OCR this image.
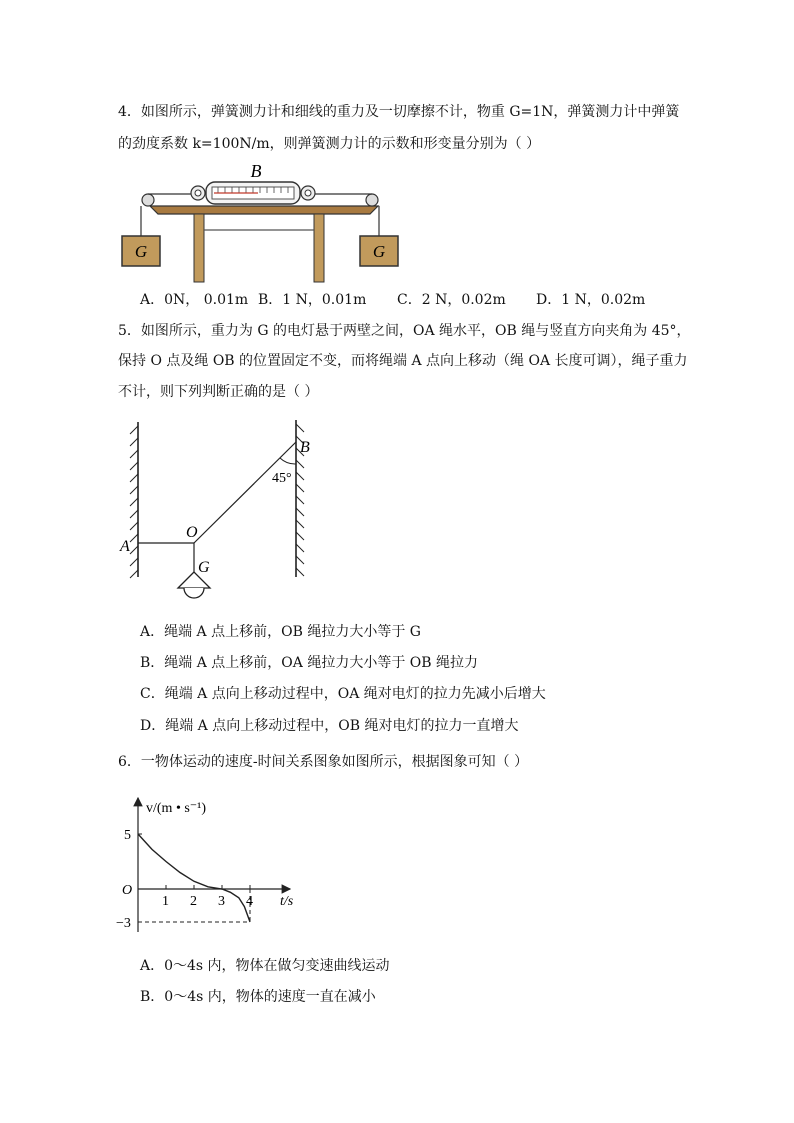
4．如图所示，弹簧测力计和细线的重力及一切摩擦不计，物重 G=1N，弹簧测力计中弹簧
的劲度系数 k=100N/m，则弹簧测力计的示数和形变量分别为（ ）
G	G
B
A．0N， 0.01m B．1 N，0.01m C．2 N，0.02m D．1 N，0.02m
5．如图所示，重力为 G 的电灯悬于两壁之间，OA 绳水平，OB 绳与竖直方向夹角为 45°，
保持 O 点及绳 OB 的位置固定不变，而将绳端 A 点向上移动（绳 OA 长度可调），绳子重力
不计，则下列判断正确的是（ ）
A
O
B
G
45°
A．绳端 A 点上移前，OB 绳拉力大小等于 G
B．绳端 A 点上移前，OA 绳拉力大小等于 OB 绳拉力
C．绳端 A 点向上移动过程中，OA 绳对电灯的拉力先减小后增大
D．绳端 A 点向上移动过程中，OB 绳对电灯的拉力一直增大
6．一物体运动的速度-时间关系图象如图所示，根据图象可知（ ）
v/(m • s⁻¹)
t/s
O
1 2 3 4
5
−3
A．0～4s 内，物体在做匀变速曲线运动
B．0～4s 内，物体的速度一直在减小
